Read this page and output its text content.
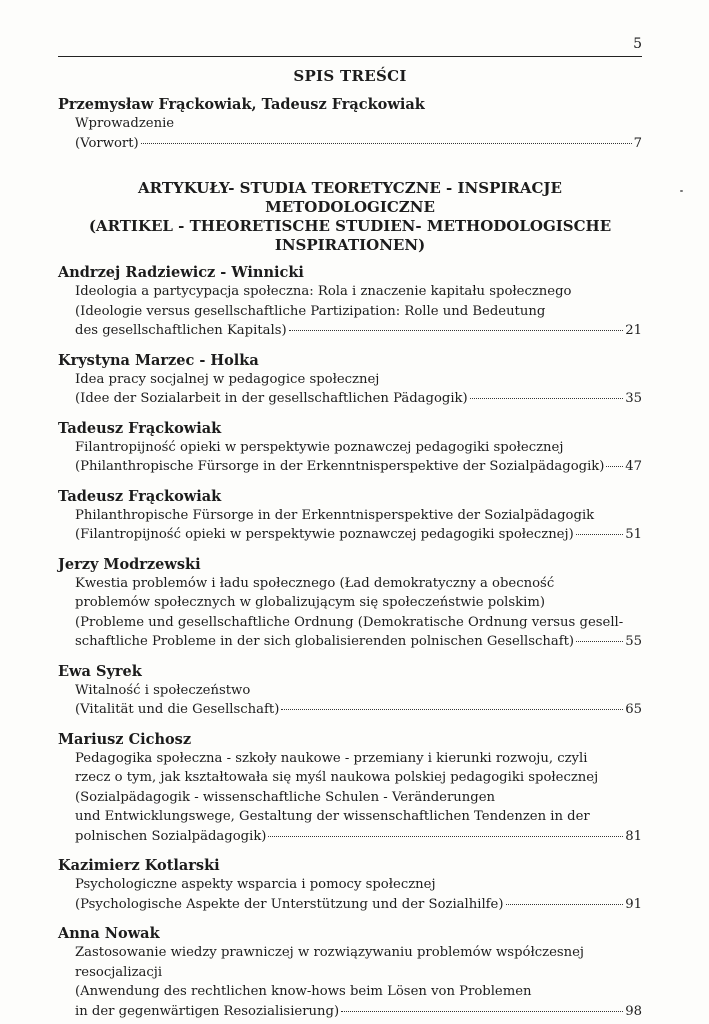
5
SPIS TREŚCI
Przemysław Frąckowiak, Tadeusz Frąckowiak
Wprowadzenie
(Vorwort)	7
ARTYKUŁY- STUDIA TEORETYCZNE - INSPIRACJE METODOLOGICZNE
(ARTIKEL - THEORETISCHE STUDIEN- METHODOLOGISCHE
INSPIRATIONEN)
Andrzej Radziewicz - Winnicki
Ideologia a partycypacja społeczna: Rola i znaczenie kapitału społecznego
(Ideologie versus gesellschaftliche Partizipation: Rolle und Bedeutung
des gesellschaftlichen Kapitals)	21
Krystyna Marzec - Holka
Idea pracy socjalnej w pedagogice społecznej
(Idee der Sozialarbeit in der gesellschaftlichen Pädagogik)	35
Tadeusz Frąckowiak
Filantropijność opieki w perspektywie poznawczej pedagogiki społecznej
(Philanthropische Fürsorge in der Erkenntnisperspektive der Sozialpädagogik) 47
Tadeusz Frąckowiak
Philanthropische Fürsorge in der Erkenntnisperspektive der Sozialpädagogik
(Filantropijność opieki w perspektywie poznawczej pedagogiki społecznej)	51
Jerzy Modrzewski
Kwestia problemów i ładu społecznego (Ład demokratyczny a obecność
problemów społecznych w globalizującym się społeczeństwie polskim)
(Probleme und gesellschaftliche Ordnung (Demokratische Ordnung versus gesell-
schaftliche Probleme in der sich globalisierenden polnischen Gesellschaft)	55
Ewa Syrek
Witalność i społeczeństwo
(Vitalität und die Gesellschaft)	65
Mariusz Cichosz
Pedagogika społeczna - szkoły naukowe - przemiany i kierunki rozwoju, czyli
rzecz o tym, jak kształtowała się myśl naukowa polskiej pedagogiki społecznej
(Sozialpädagogik - wissenschaftliche Schulen - Veränderungen
und Entwicklungswege, Gestaltung der wissenschaftlichen Tendenzen in der
polnischen Sozialpädagogik)	81
Kazimierz Kotlarski
Psychologiczne aspekty wsparcia i pomocy społecznej
(Psychologische Aspekte der Unterstützung und der Sozialhilfe)	91
Anna Nowak
Zastosowanie wiedzy prawniczej w rozwiązywaniu problemów współczesnej
resocjalizacji
(Anwendung des rechtlichen know-hows beim Lösen von Problemen
in der gegenwärtigen Resozialisierung)	98
